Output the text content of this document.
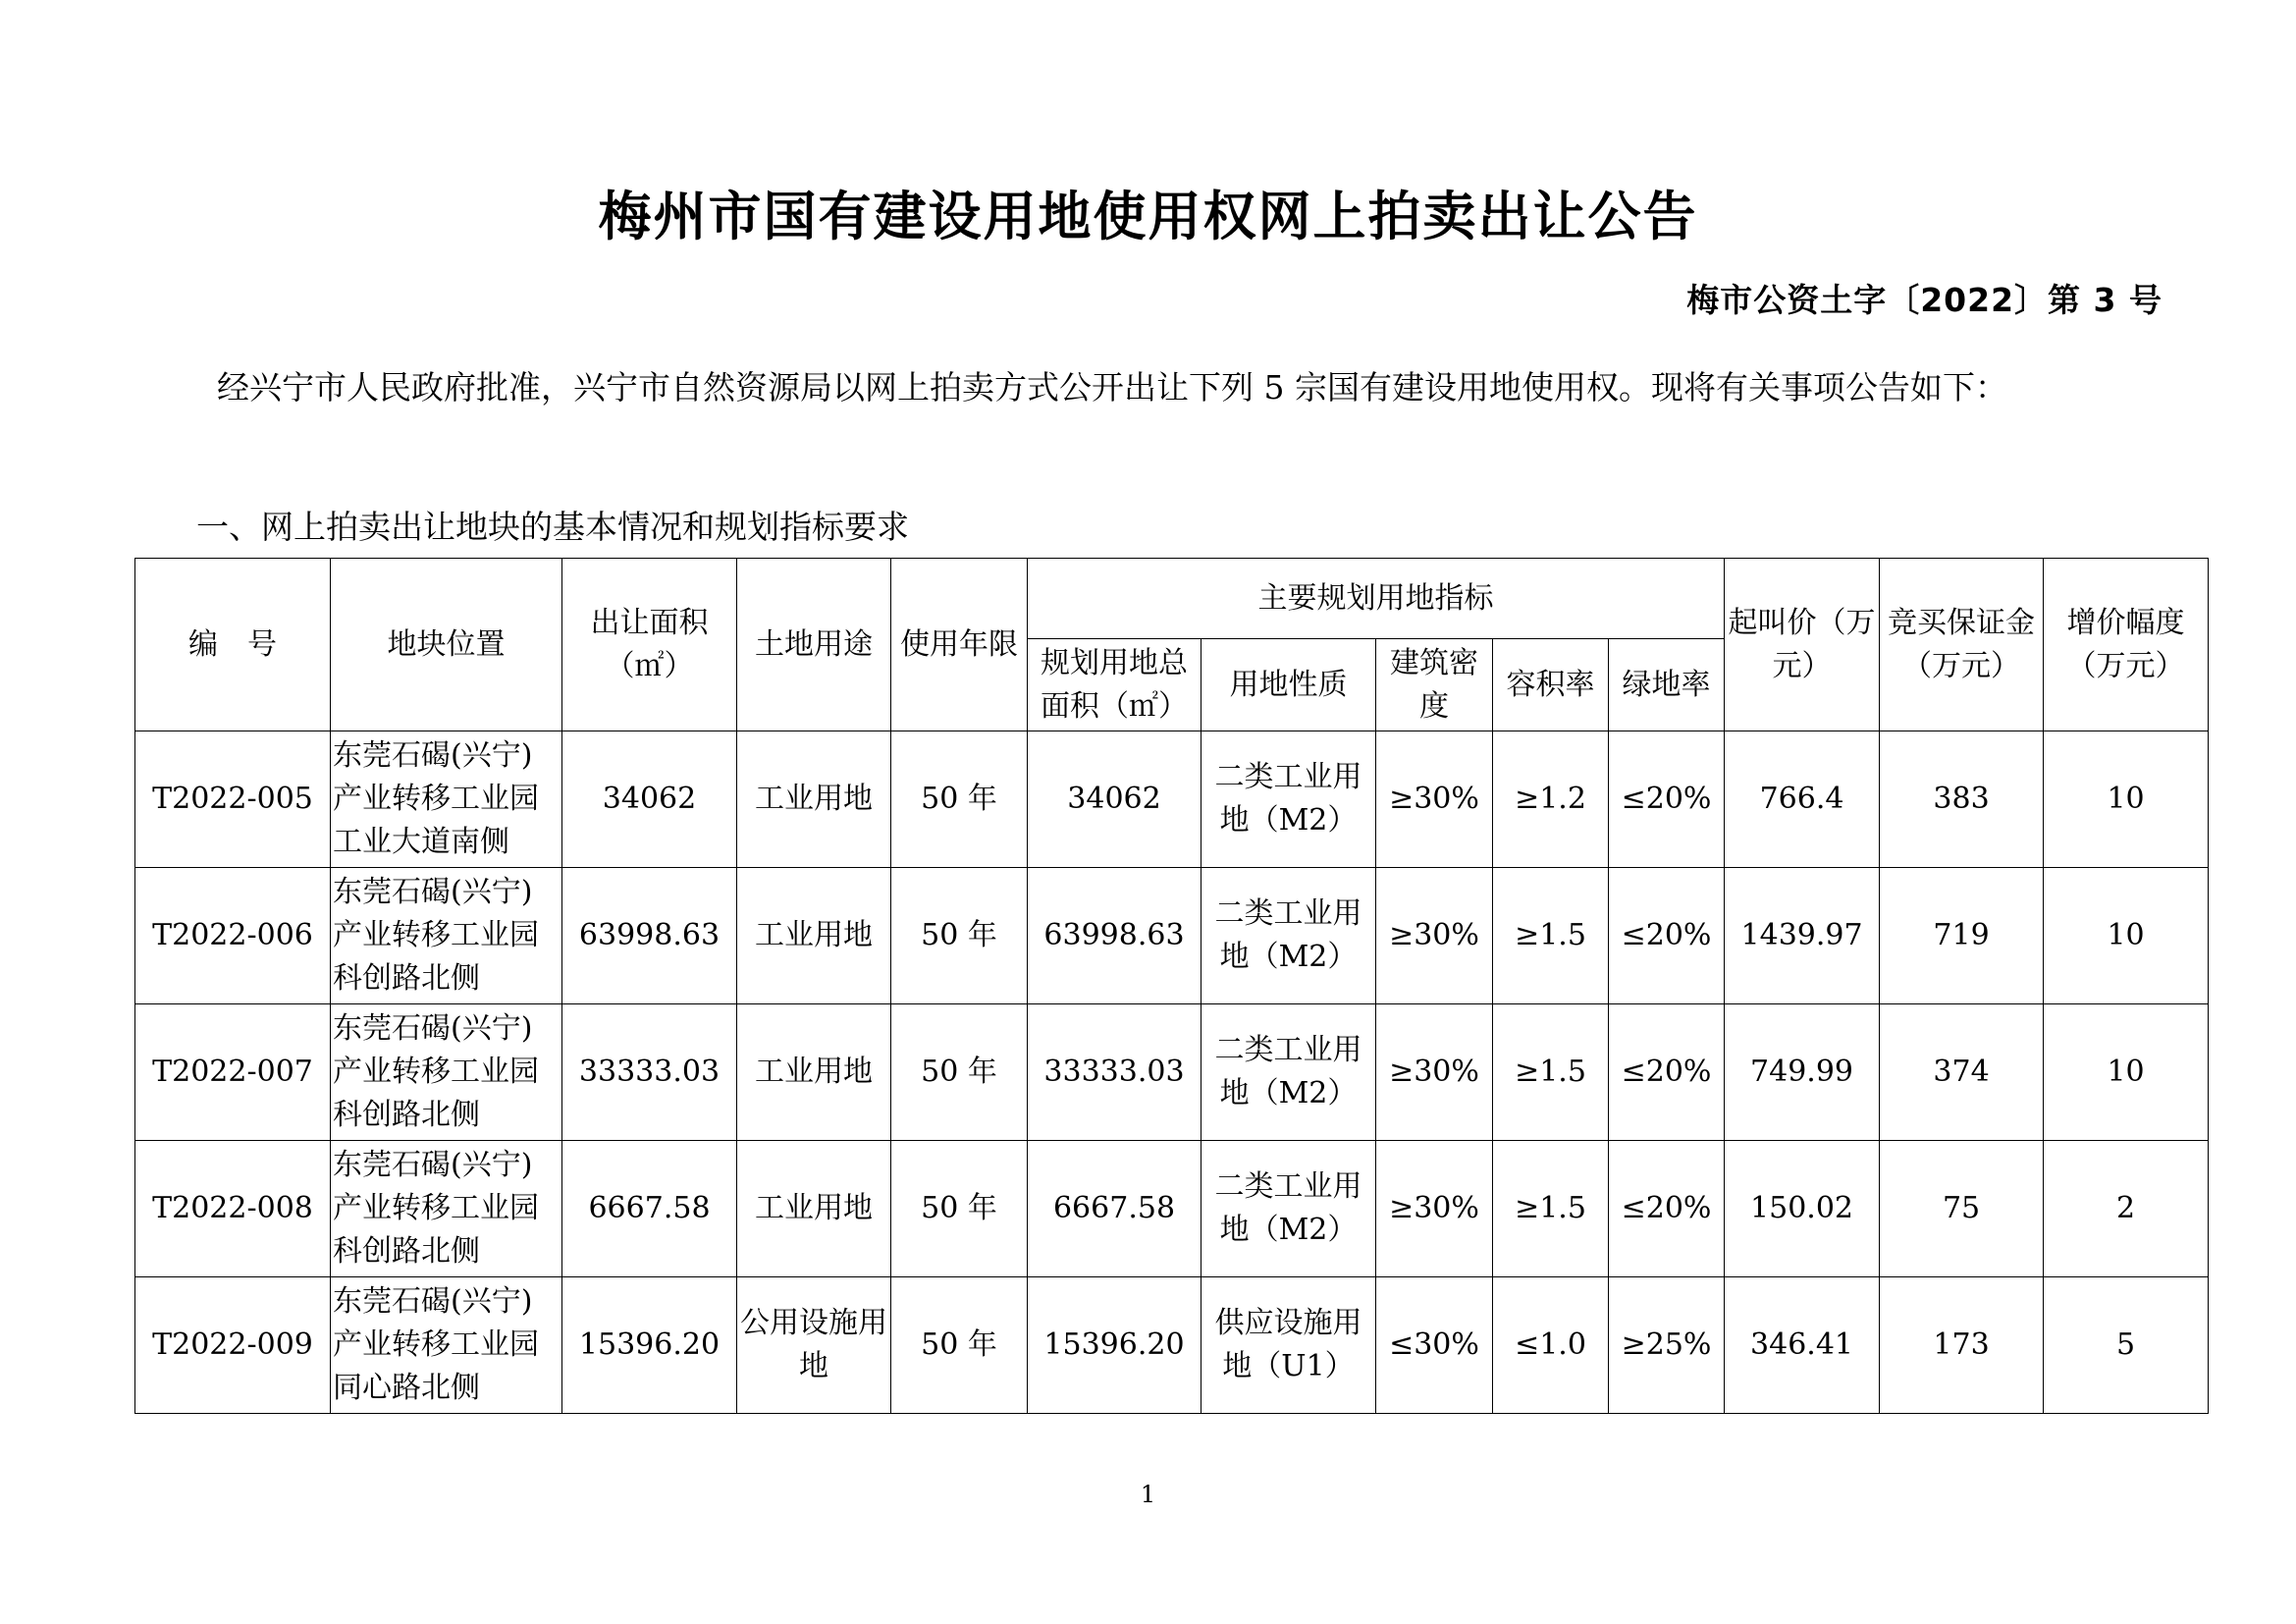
梅州市国有建设用地使用权网上拍卖出让公告
梅市公资土字〔2022〕第 3 号
经兴宁市人民政府批准，兴宁市自然资源局以网上拍卖方式公开出让下列 5 宗国有建设用地使用权。现将有关事项公告如下：
一、网上拍卖出让地块的基本情况和规划指标要求
编　号	地块位置	出让面积（㎡）	土地用途	使用年限	主要规划用地指标					起叫价（万元）	竞买保证金（万元）	增价幅度（万元）
					规划用地总面积（㎡）	用地性质	建筑密度	容积率	绿地率			
T2022-005	东莞石碣(兴宁)产业转移工业园工业大道南侧	34062	工业用地	50 年	34062	二类工业用地（M2）	≥30%	≥1.2	≤20%	766.4	383	10
T2022-006	东莞石碣(兴宁)产业转移工业园科创路北侧	63998.63	工业用地	50 年	63998.63	二类工业用地（M2）	≥30%	≥1.5	≤20%	1439.97	719	10
T2022-007	东莞石碣(兴宁)产业转移工业园科创路北侧	33333.03	工业用地	50 年	33333.03	二类工业用地（M2）	≥30%	≥1.5	≤20%	749.99	374	10
T2022-008	东莞石碣(兴宁)产业转移工业园科创路北侧	6667.58	工业用地	50 年	6667.58	二类工业用地（M2）	≥30%	≥1.5	≤20%	150.02	75	2
T2022-009	东莞石碣(兴宁)产业转移工业园同心路北侧	15396.20	公用设施用地	50 年	15396.20	供应设施用地（U1）	≤30%	≤1.0	≥25%	346.41	173	5
1
